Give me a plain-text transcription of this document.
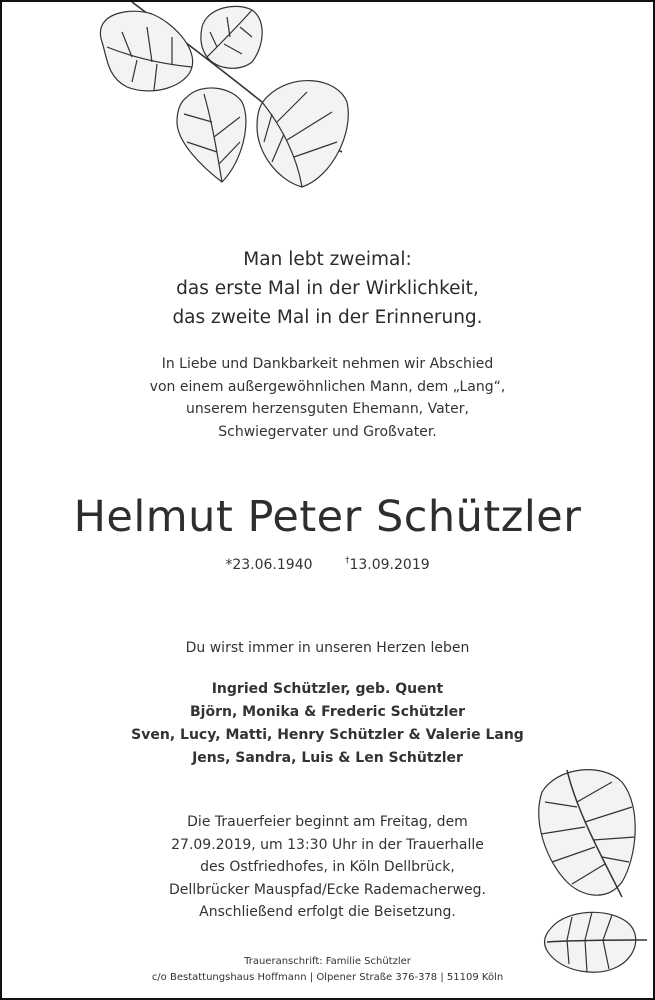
Man lebt zweimal:
das erste Mal in der Wirklichkeit,
das zweite Mal in der Erinnerung.
In Liebe und Dankbarkeit nehmen wir Abschied
von einem außergewöhnlichen Mann, dem „Lang“,
unserem herzensguten Ehemann, Vater,
Schwiegervater und Großvater.
Helmut Peter Schützler
*23.06.1940	†13.09.2019
Du wirst immer in unseren Herzen leben
Ingried Schützler, geb. Quent
Björn, Monika & Frederic Schützler
Sven, Lucy, Matti, Henry Schützler & Valerie Lang
Jens, Sandra, Luis & Len Schützler
Die Trauerfeier beginnt am Freitag, dem
27.09.2019, um 13:30 Uhr in der Trauerhalle
des Ostfriedhofes, in Köln Dellbrück,
Dellbrücker Mauspfad/Ecke Rademacherweg.
Anschließend erfolgt die Beisetzung.
Traueranschrift: Familie Schützler
c/o Bestattungshaus Hoffmann | Olpener Straße 376-378 | 51109 Köln
